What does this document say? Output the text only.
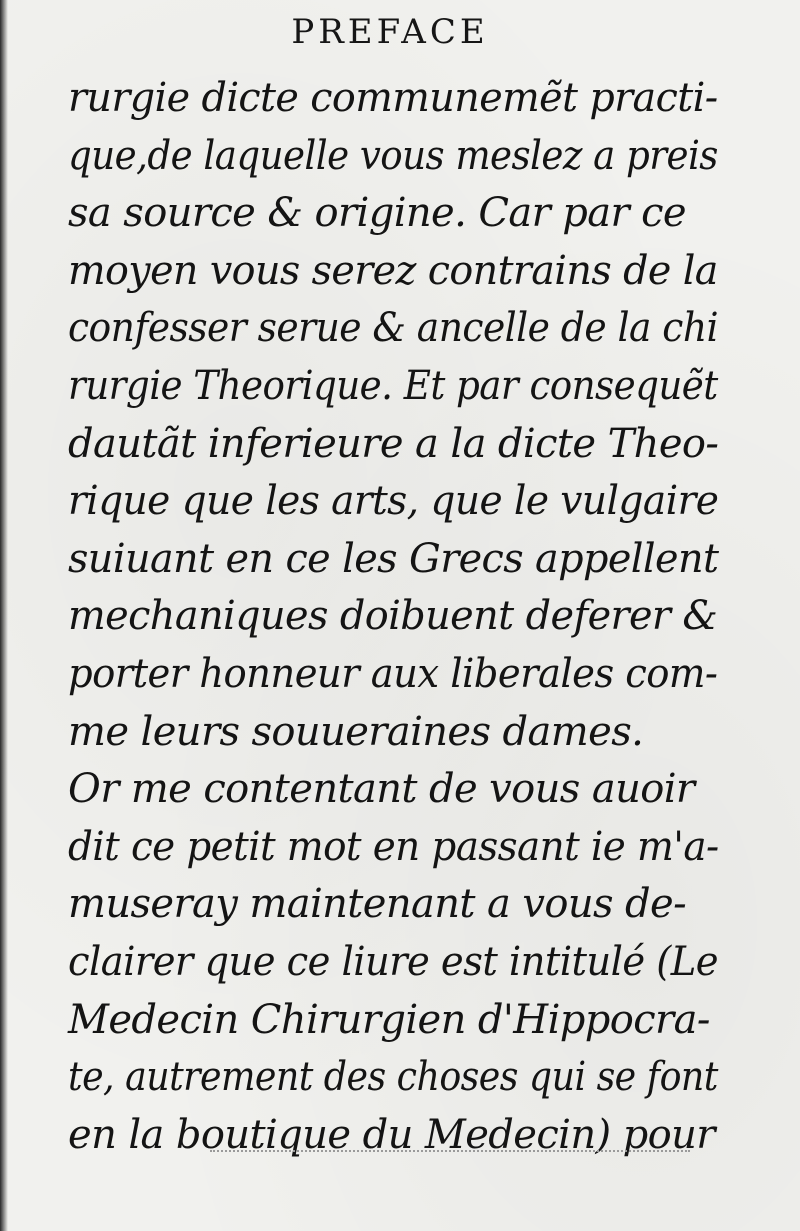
PREFACE
rurgie dicte communemẽt practi-
que,de laquelle vous meslez a preis
sa source & origine. Car par ce
moyen vous serez contrains de la
confesser serue & ancelle de la chi
rurgie Theorique. Et par consequẽt
dautãt inferieure a la dicte Theo-
rique que les arts, que le vulgaire
suiuant en ce les Grecs appellent
mechaniques doibuent deferer &
porter honneur aux liberales com-
me leurs souueraines dames.
Or me contentant de vous auoir
dit ce petit mot en passant ie m'a-
museray maintenant a vous de-
clairer que ce liure est intitulé (Le
Medecin Chirurgien d'Hippocra-
te, autrement des choses qui se font
en la boutique du Medecin) pour
